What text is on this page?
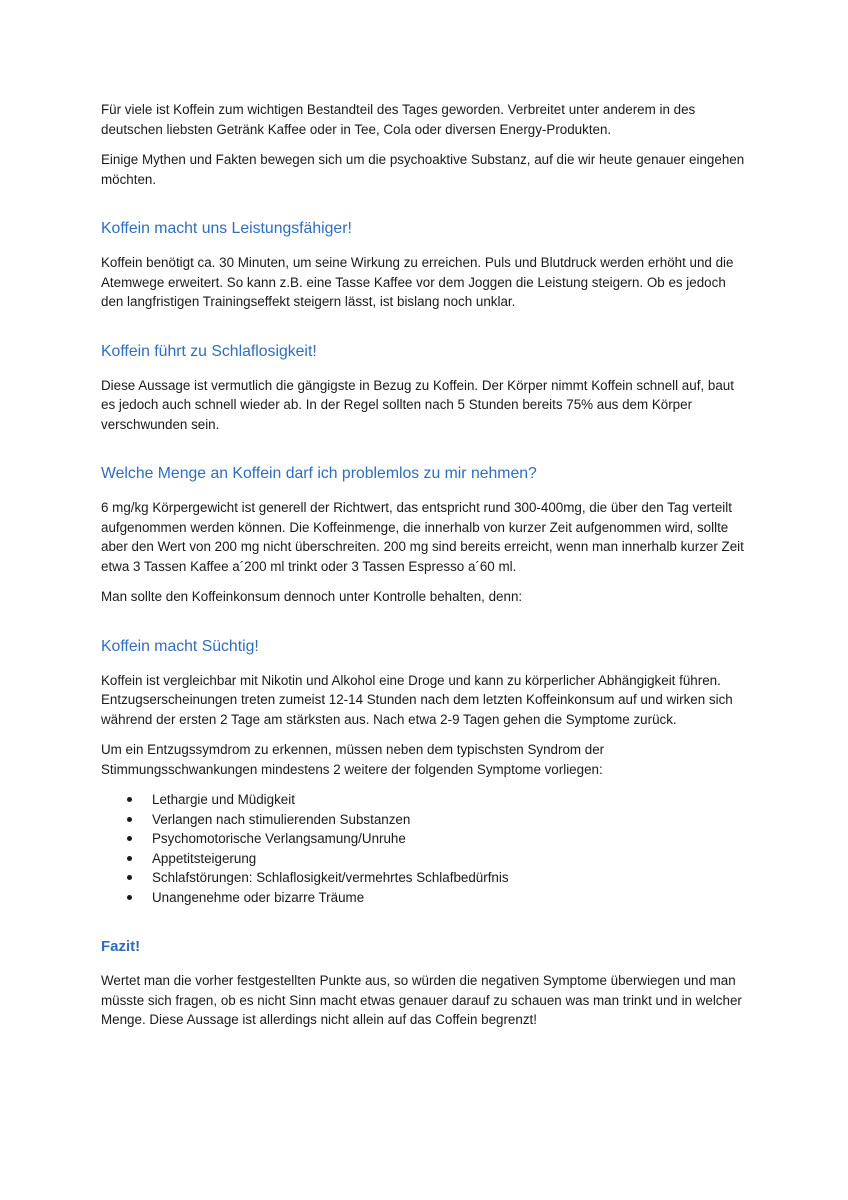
Für viele ist Koffein zum wichtigen Bestandteil des Tages geworden. Verbreitet unter anderem in des deutschen liebsten Getränk Kaffee oder in Tee, Cola oder diversen Energy-Produkten.

Einige Mythen und Fakten bewegen sich um die psychoaktive Substanz, auf die wir heute genauer eingehen möchten.

Koffein macht uns Leistungsfähiger!

Koffein benötigt ca. 30 Minuten, um seine Wirkung zu erreichen. Puls und Blutdruck werden erhöht und die Atemwege erweitert. So kann z.B. eine Tasse Kaffee vor dem Joggen die Leistung steigern. Ob es jedoch den langfristigen Trainingseffekt steigern lässt, ist bislang noch unklar.

Koffein führt zu Schlaflosigkeit!

Diese Aussage ist vermutlich die gängigste in Bezug zu Koffein. Der Körper nimmt Koffein schnell auf, baut es jedoch auch schnell wieder ab. In der Regel sollten nach 5 Stunden bereits 75% aus dem Körper verschwunden sein.

Welche Menge an Koffein darf ich problemlos zu mir nehmen?

6 mg/kg Körpergewicht ist generell der Richtwert, das entspricht rund 300-400mg, die über den Tag verteilt aufgenommen werden können. Die Koffeinmenge, die innerhalb von kurzer Zeit aufgenommen wird, sollte aber den Wert von 200 mg nicht überschreiten. 200 mg sind bereits erreicht, wenn man innerhalb kurzer Zeit etwa 3 Tassen Kaffee a´200 ml trinkt oder 3 Tassen Espresso a´60 ml.

Man sollte den Koffeinkonsum dennoch unter Kontrolle behalten, denn:

Koffein macht Süchtig!

Koffein ist vergleichbar mit Nikotin und Alkohol eine Droge und kann zu körperlicher Abhängigkeit führen. Entzugserscheinungen treten zumeist 12-14 Stunden nach dem letzten Koffeinkonsum auf und wirken sich während der ersten 2 Tage am stärksten aus. Nach etwa 2-9 Tagen gehen die Symptome zurück.

Um ein Entzugssymdrom zu erkennen, müssen neben dem typischsten Syndrom der Stimmungsschwankungen mindestens 2 weitere der folgenden Symptome vorliegen:

Lethargie und Müdigkeit
Verlangen nach stimulierenden Substanzen
Psychomotorische Verlangsamung/Unruhe
Appetitsteigerung
Schlafstörungen: Schlaflosigkeit/vermehrtes Schlafbedürfnis
Unangenehme oder bizarre Träume
Fazit!

Wertet man die vorher festgestellten Punkte aus, so würden die negativen Symptome überwiegen und man müsste sich fragen, ob es nicht Sinn macht etwas genauer darauf zu schauen was man trinkt und in welcher Menge. Diese Aussage ist allerdings nicht allein auf das Coffein begrenzt!
